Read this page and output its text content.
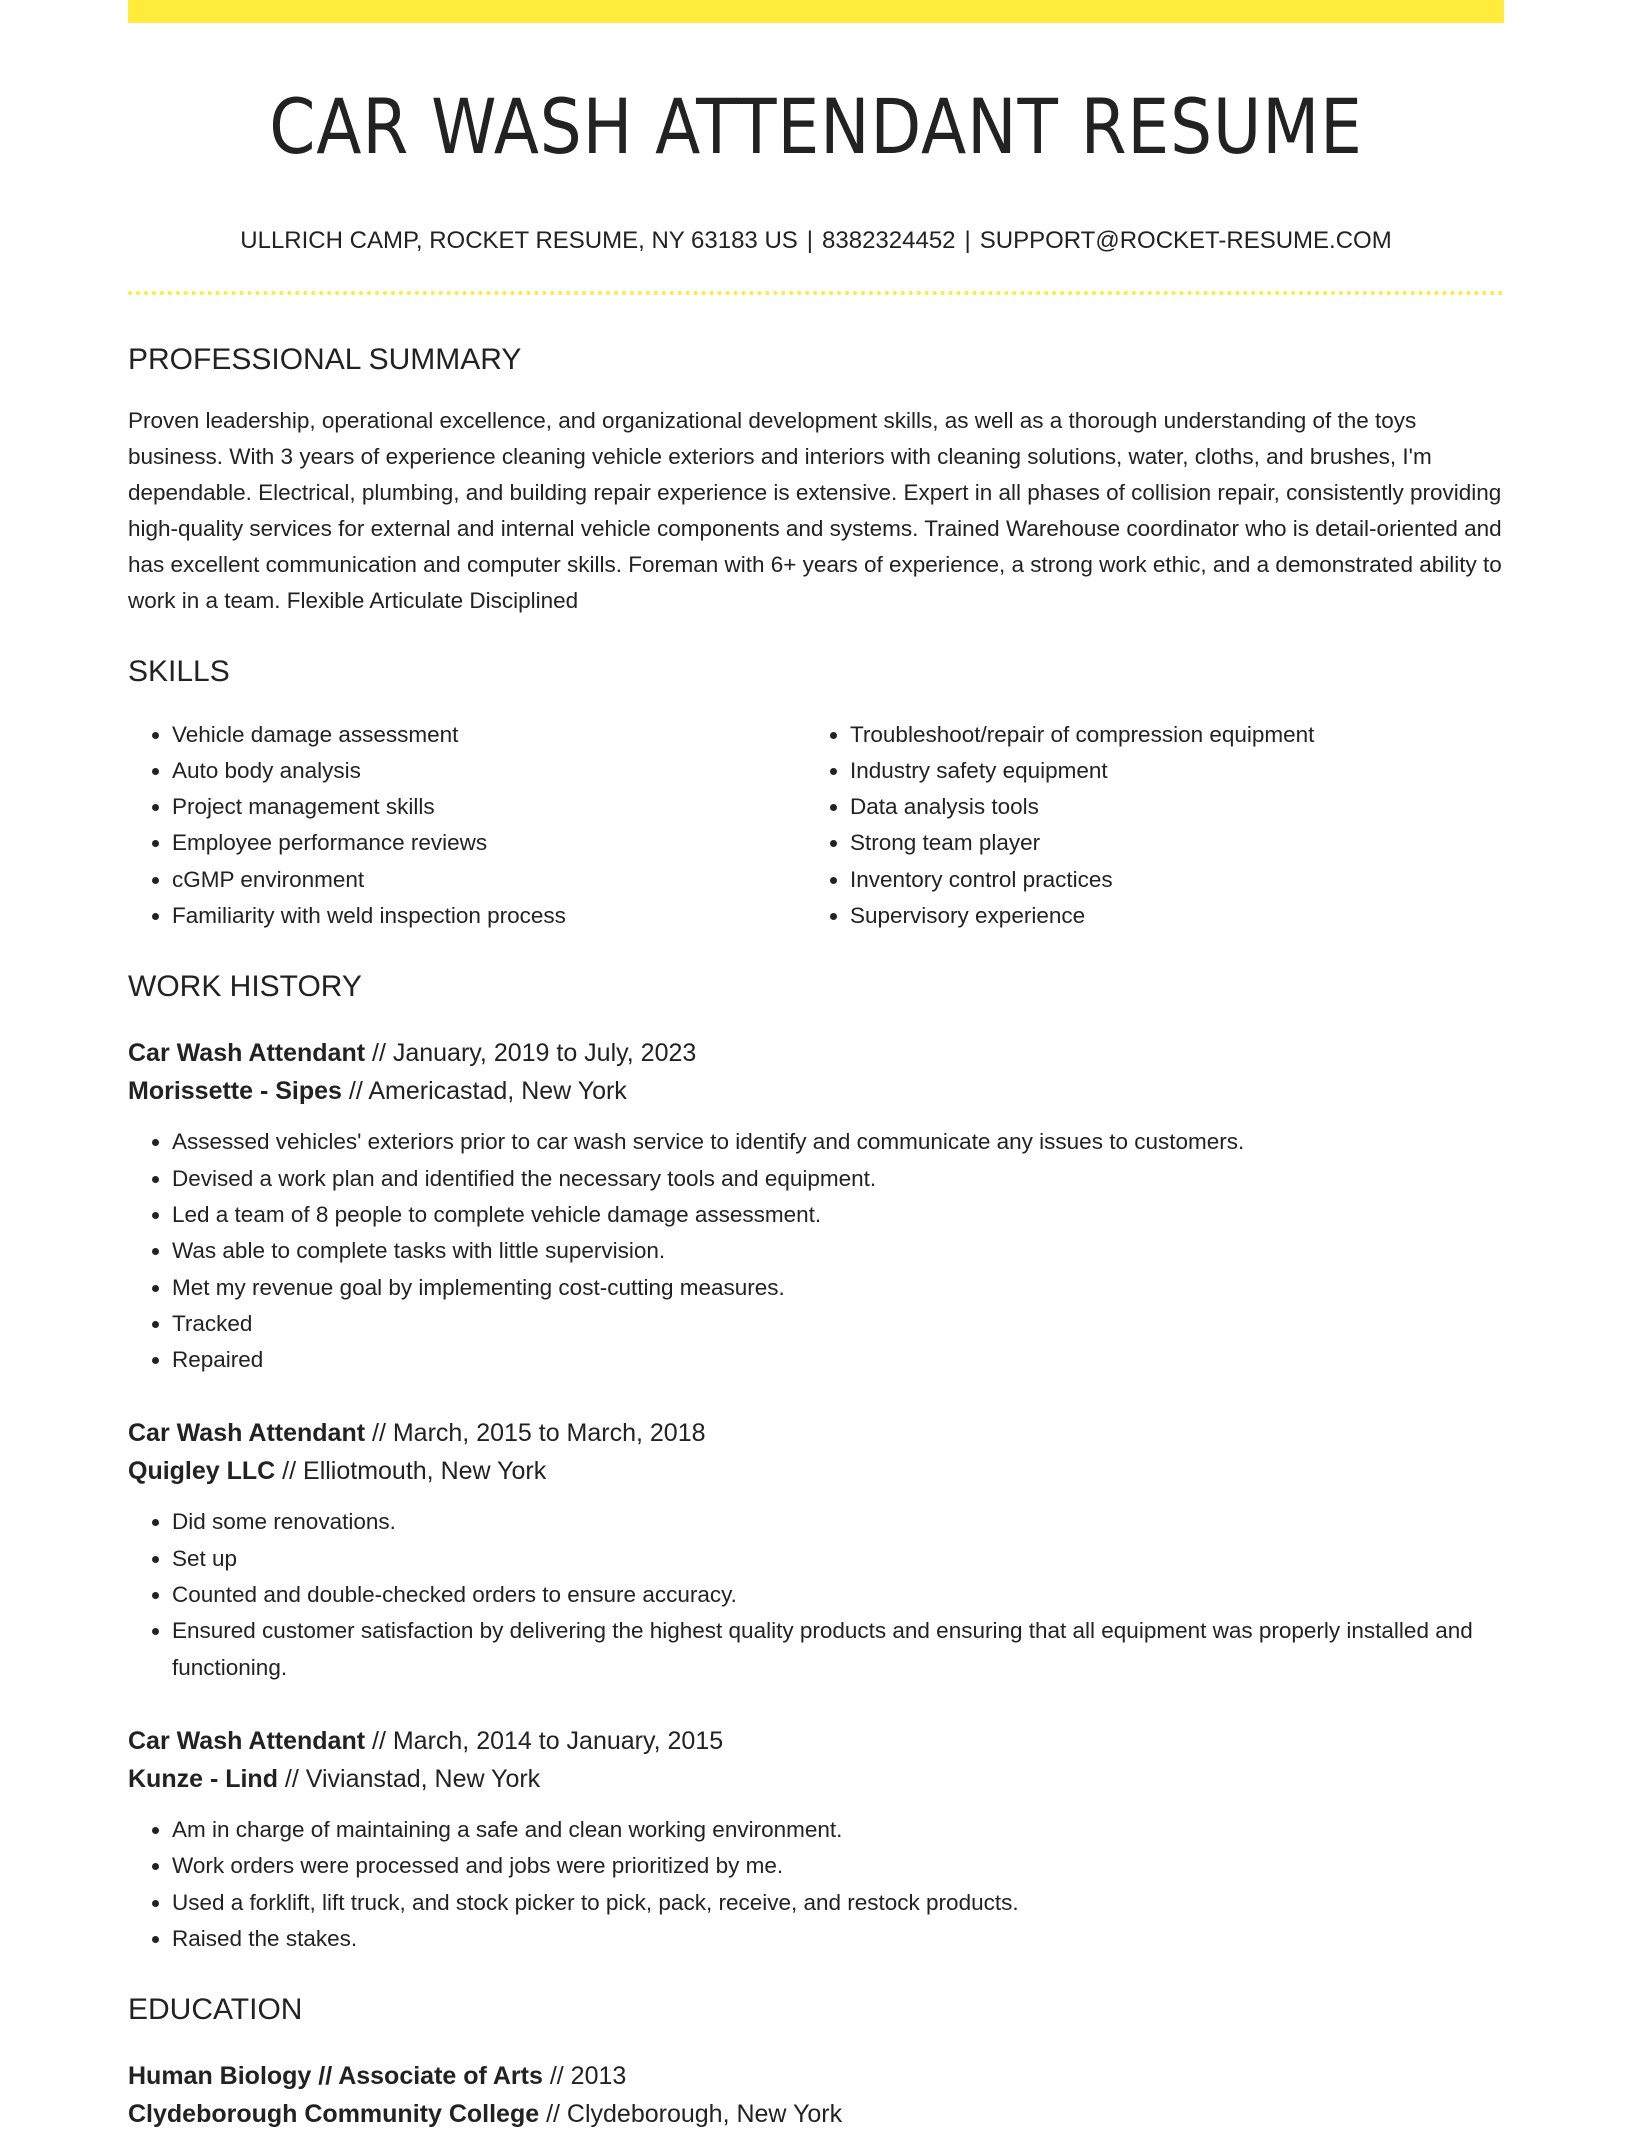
CAR WASH ATTENDANT RESUME
ULLRICH CAMP, ROCKET RESUME, NY 63183 US | 8382324452 | SUPPORT@ROCKET-RESUME.COM
PROFESSIONAL SUMMARY
Proven leadership, operational excellence, and organizational development skills, as well as a thorough understanding of the toys business. With 3 years of experience cleaning vehicle exteriors and interiors with cleaning solutions, water, cloths, and brushes, I'm dependable. Electrical, plumbing, and building repair experience is extensive. Expert in all phases of collision repair, consistently providing high-quality services for external and internal vehicle components and systems. Trained Warehouse coordinator who is detail-oriented and has excellent communication and computer skills. Foreman with 6+ years of experience, a strong work ethic, and a demonstrated ability to work in a team. Flexible Articulate Disciplined
SKILLS
• Vehicle damage assessment
• Auto body analysis
• Project management skills
• Employee performance reviews
• cGMP environment
• Familiarity with weld inspection process
• Troubleshoot/repair of compression equipment
• Industry safety equipment
• Data analysis tools
• Strong team player
• Inventory control practices
• Supervisory experience
WORK HISTORY
Car Wash Attendant // January, 2019 to July, 2023
Morissette - Sipes // Americastad, New York
• Assessed vehicles' exteriors prior to car wash service to identify and communicate any issues to customers.
• Devised a work plan and identified the necessary tools and equipment.
• Led a team of 8 people to complete vehicle damage assessment.
• Was able to complete tasks with little supervision.
• Met my revenue goal by implementing cost-cutting measures.
• Tracked
• Repaired
Car Wash Attendant // March, 2015 to March, 2018
Quigley LLC // Elliotmouth, New York
• Did some renovations.
• Set up
• Counted and double-checked orders to ensure accuracy.
• Ensured customer satisfaction by delivering the highest quality products and ensuring that all equipment was properly installed and functioning.
Car Wash Attendant // March, 2014 to January, 2015
Kunze - Lind // Vivianstad, New York
• Am in charge of maintaining a safe and clean working environment.
• Work orders were processed and jobs were prioritized by me.
• Used a forklift, lift truck, and stock picker to pick, pack, receive, and restock products.
• Raised the stakes.
EDUCATION
Human Biology // Associate of Arts // 2013
Clydeborough Community College // Clydeborough, New York
